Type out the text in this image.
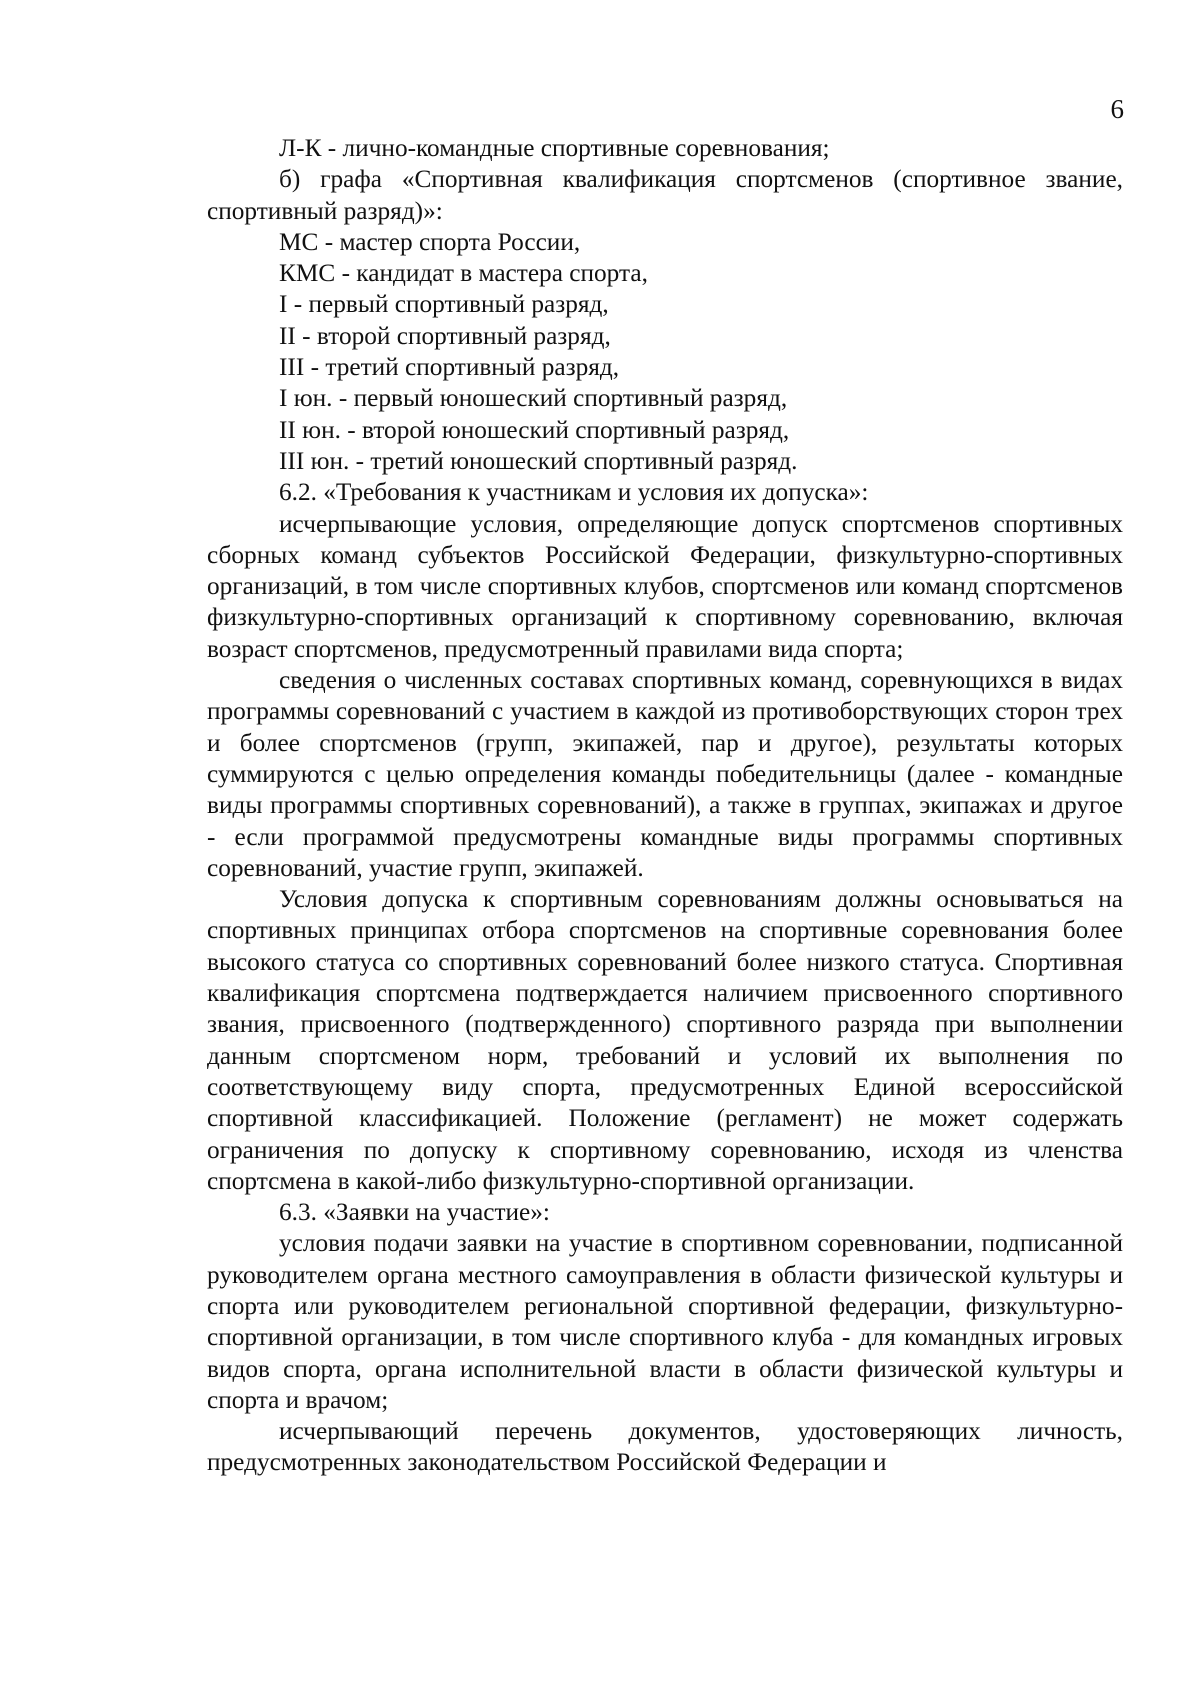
6

Л-К - лично-командные спортивные соревнования;

б) графа «Спортивная квалификация спортсменов (спортивное звание, спортивный разряд)»:

МС - мастер спорта России,

КМС - кандидат в мастера спорта,

I - первый спортивный разряд,

II - второй спортивный разряд,

III - третий спортивный разряд,

I юн. - первый юношеский спортивный разряд,

II юн. - второй юношеский спортивный разряд,

III юн. - третий юношеский спортивный разряд.

6.2. «Требования к участникам и условия их допуска»:

исчерпывающие условия, определяющие допуск спортсменов спортивных сборных команд субъектов Российской Федерации, физкультурно-спортивных организаций, в том числе спортивных клубов, спортсменов или команд спортсменов физкультурно-спортивных организаций к спортивному соревнованию, включая возраст спортсменов, предусмотренный правилами вида спорта;

сведения о численных составах спортивных команд, соревнующихся в видах программы соревнований с участием в каждой из противоборствующих сторон трех и более спортсменов (групп, экипажей, пар и другое), результаты которых суммируются с целью определения команды победительницы (далее - командные виды программы спортивных соревнований), а также в группах, экипажах и другое - если программой предусмотрены командные виды программы спортивных соревнований, участие групп, экипажей.

Условия допуска к спортивным соревнованиям должны основываться на спортивных принципах отбора спортсменов на спортивные соревнования более высокого статуса со спортивных соревнований более низкого статуса. Спортивная квалификация спортсмена подтверждается наличием присвоенного спортивного звания, присвоенного (подтвержденного) спортивного разряда при выполнении данным спортсменом норм, требований и условий их выполнения по соответствующему виду спорта, предусмотренных Единой всероссийской спортивной классификацией. Положение (регламент) не может содержать ограничения по допуску к спортивному соревнованию, исходя из членства спортсмена в какой-либо физкультурно-спортивной организации.

6.3. «Заявки на участие»:

условия подачи заявки на участие в спортивном соревновании, подписанной руководителем органа местного самоуправления в области физической культуры и спорта или руководителем региональной спортивной федерации, физкультурно-спортивной организации, в том числе спортивного клуба - для командных игровых видов спорта, органа исполнительной власти в области физической культуры и спорта и врачом;

исчерпывающий перечень документов, удостоверяющих личность, предусмотренных законодательством Российской Федерации и
